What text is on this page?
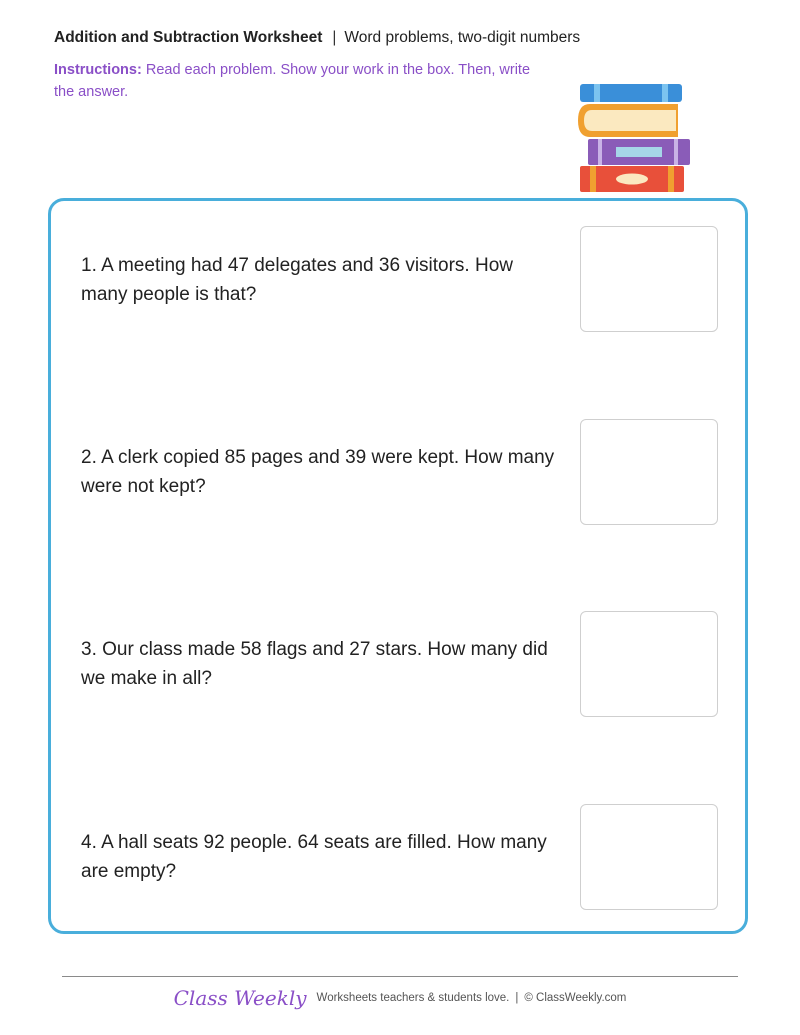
Addition and Subtraction Worksheet | Word problems, two-digit numbers
Instructions: Read each problem. Show your work in the box. Then, write the answer.
1. A meeting had 47 delegates and 36 visitors. How many people is that?
2. A clerk copied 85 pages and 39 were kept. How many were not kept?
3. Our class made 58 flags and 27 stars. How many did we make in all?
4. A hall seats 92 people. 64 seats are filled. How many are empty?
Class Weekly Worksheets teachers & students love. | © ClassWeekly.com
